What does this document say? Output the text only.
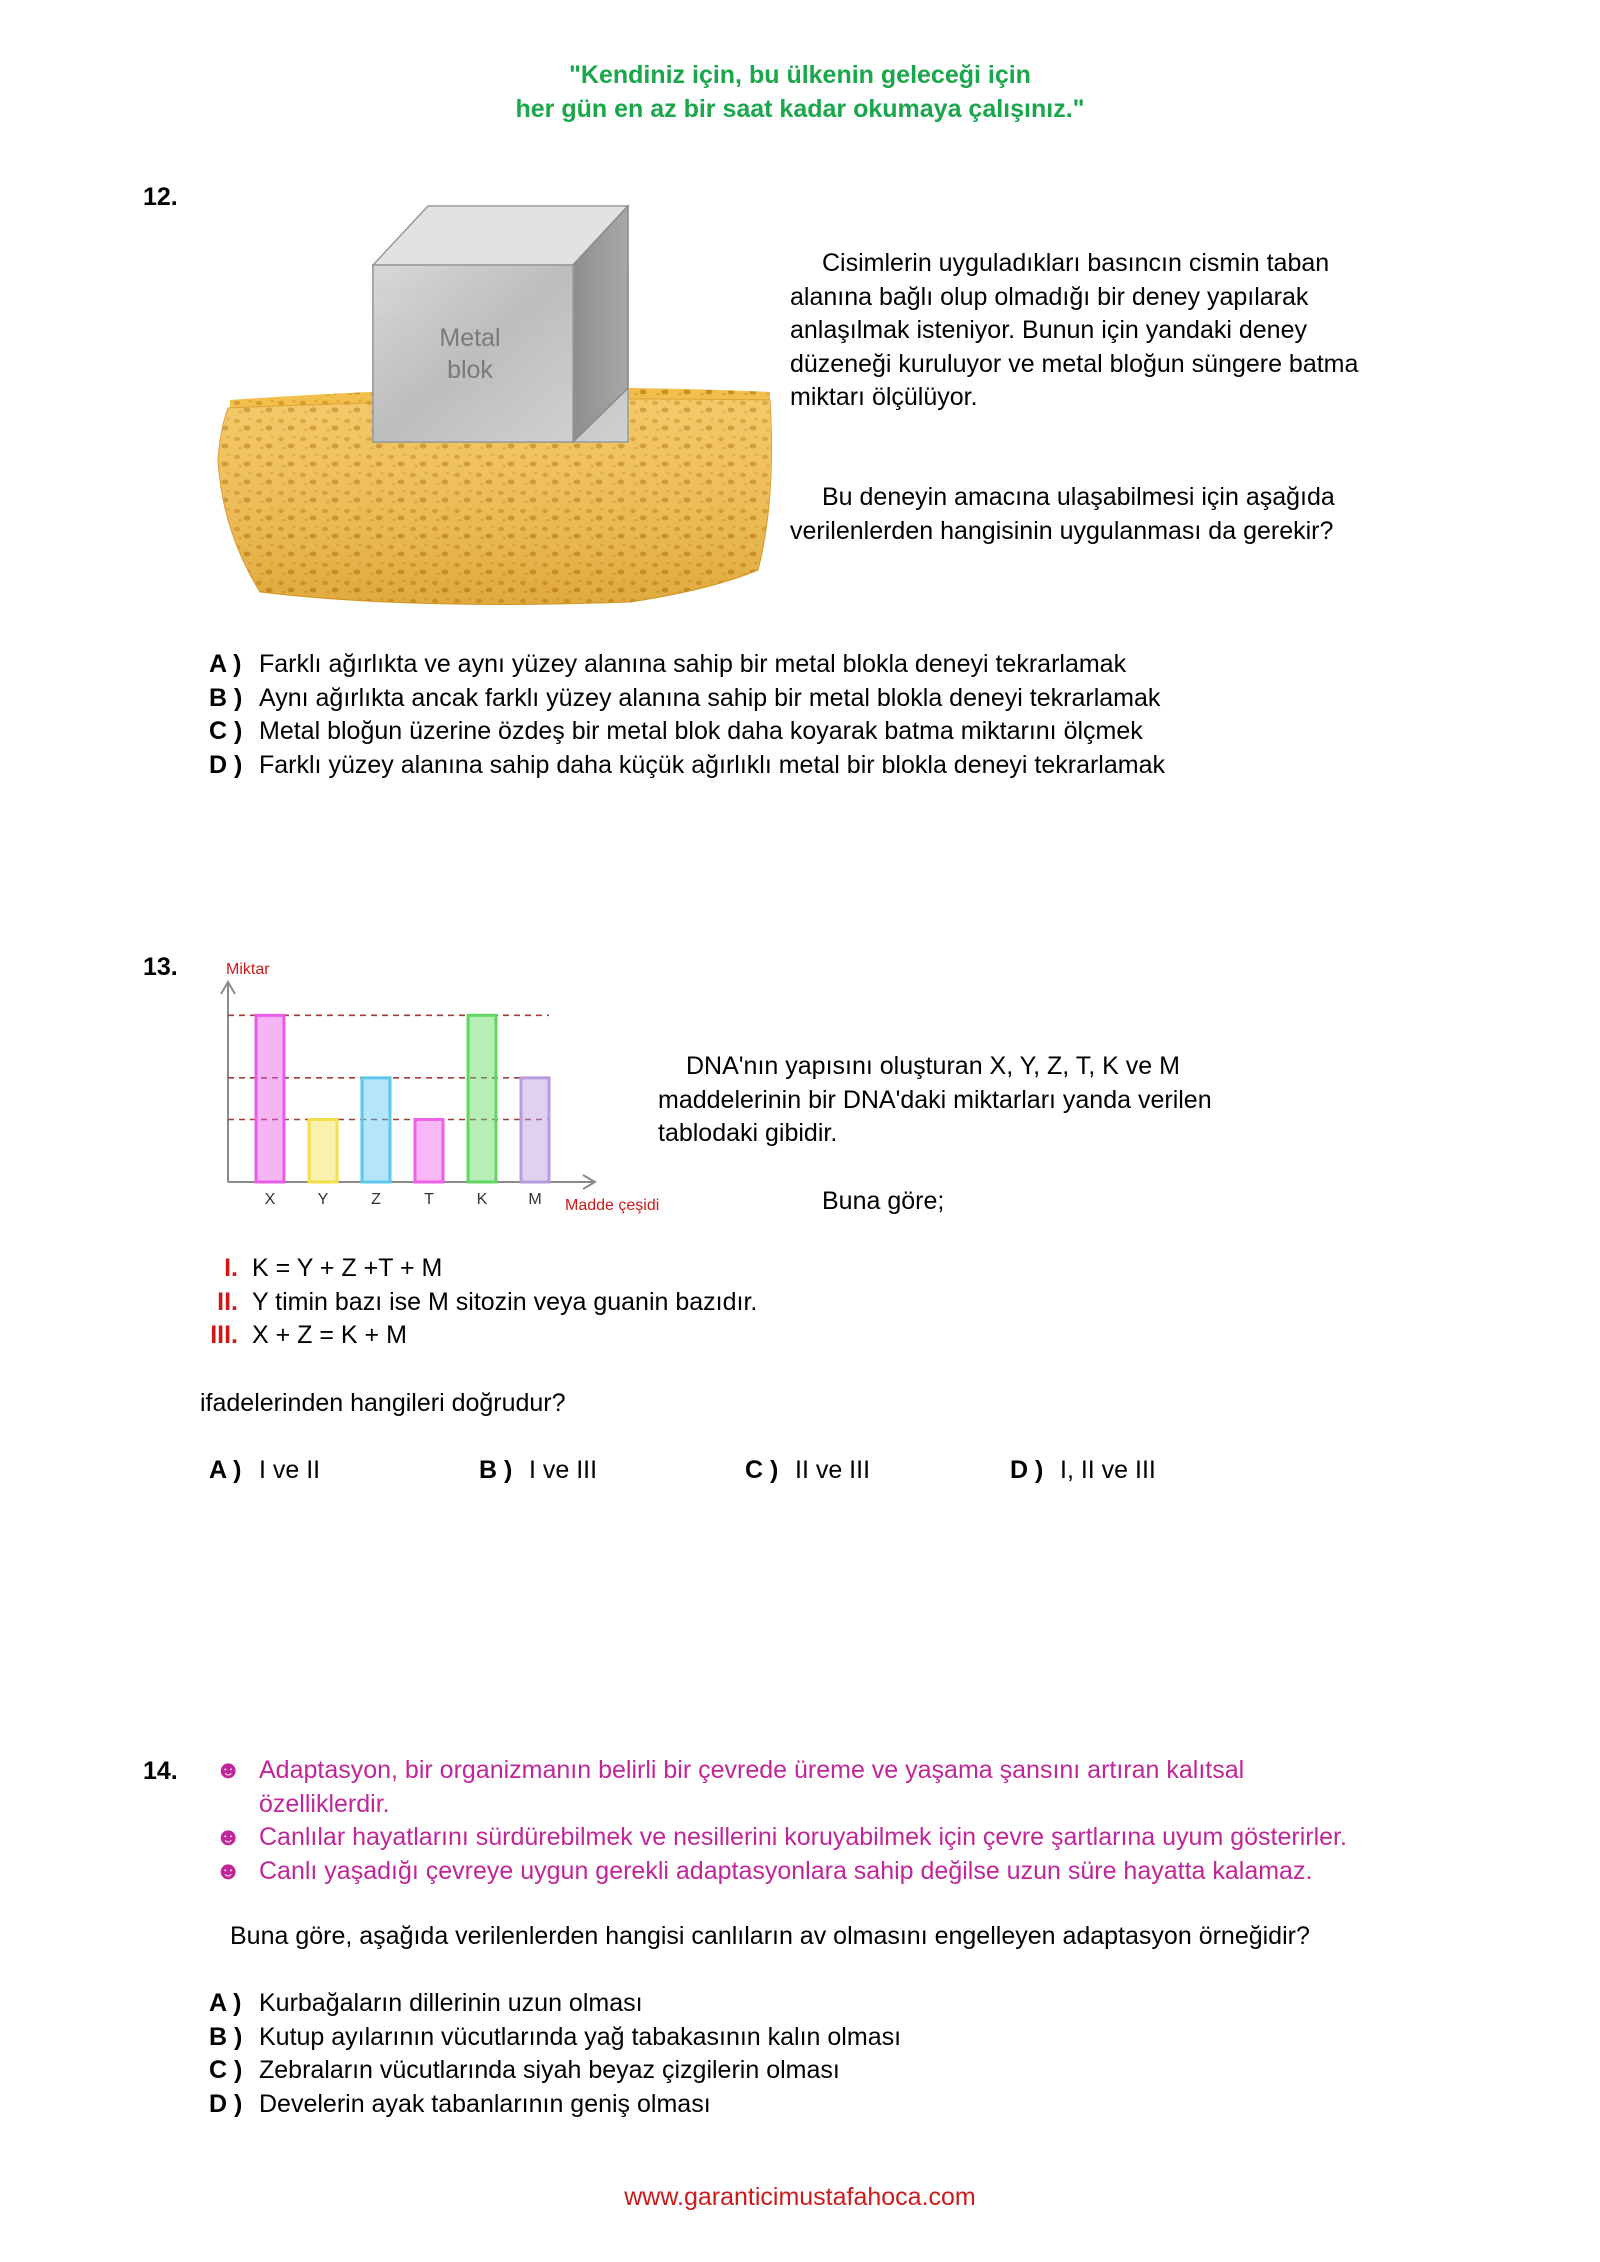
"Kendiniz için, bu ülkenin geleceği için
her gün en az bir saat kadar okumaya çalışınız."
12.
Metal
blok
Cisimlerin uyguladıkları basıncın cismin taban
alanına bağlı olup olmadığı bir deney yapılarak
anlaşılmak isteniyor. Bunun için yandaki deney
düzeneği kuruluyor ve metal bloğun süngere batma
miktarı ölçülüyor.
Bu deneyin amacına ulaşabilmesi için aşağıda
verilenlerden hangisinin uygulanması da gerekir?
A ) Farklı ağırlıkta ve aynı yüzey alanına sahip bir metal blokla deneyi tekrarlamak
B ) Aynı ağırlıkta ancak farklı yüzey alanına sahip bir metal blokla deneyi tekrarlamak
C ) Metal bloğun üzerine özdeş bir metal blok daha koyarak batma miktarını ölçmek
D ) Farklı yüzey alanına sahip daha küçük ağırlıklı metal bir blokla deneyi tekrarlamak
13.	Miktar
Madde çeşidi
X	Y	Z	T	K	M
DNA'nın yapısını oluşturan X, Y, Z, T, K ve M
maddelerinin bir DNA'daki miktarları yanda verilen
tablodaki gibidir.
Buna göre;
I. K = Y + Z +T + M
II. Y timin bazı ise M sitozin veya guanin bazıdır.
III. X + Z = K + M
ifadelerinden hangileri doğrudur?
A ) I ve II	B ) I ve III	C ) II ve III	D ) I, II ve III
14. ☻ Adaptasyon, bir organizmanın belirli bir çevrede üreme ve yaşama şansını artıran kalıtsal
özelliklerdir.
☻ Canlılar hayatlarını sürdürebilmek ve nesillerini koruyabilmek için çevre şartlarına uyum gösterirler.
☻ Canlı yaşadığı çevreye uygun gerekli adaptasyonlara sahip değilse uzun süre hayatta kalamaz.
Buna göre, aşağıda verilenlerden hangisi canlıların av olmasını engelleyen adaptasyon örneğidir?
A ) Kurbağaların dillerinin uzun olması
B ) Kutup ayılarının vücutlarında yağ tabakasının kalın olması
C ) Zebraların vücutlarında siyah beyaz çizgilerin olması
D ) Develerin ayak tabanlarının geniş olması
www.garanticimustafahoca.com
